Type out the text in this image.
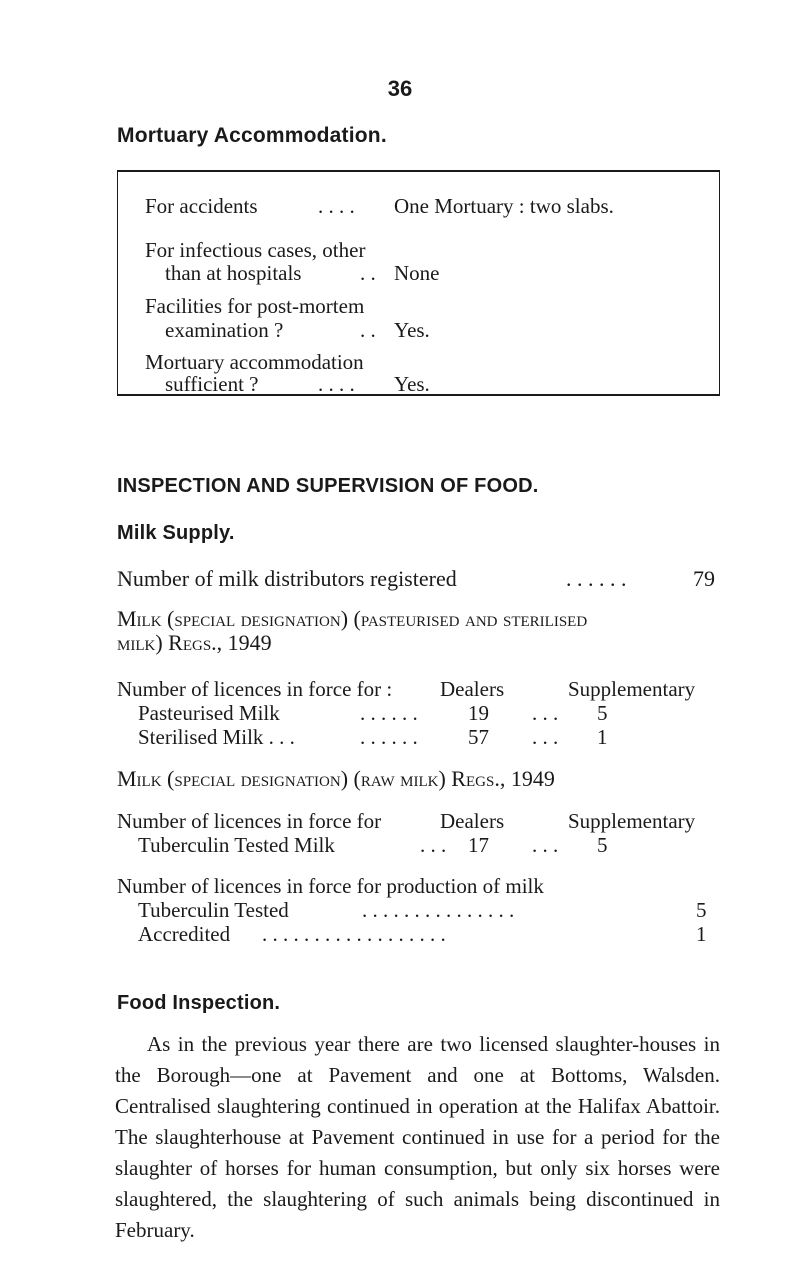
36
Mortuary Accommodation.
For accidents	. . . . One Mortuary : two slabs.
For infectious cases, other
than at hospitals	. . None
Facilities for post-mortem
examination ?	. . Yes.
Mortuary accommodation
sufficient ?	. . . . Yes.
INSPECTION AND SUPERVISION OF FOOD.
Milk Supply.
Number of milk distributors registered	. . . . . .	79
Milk (special designation) (pasteurised and sterilised
milk) Regs., 1949
Number of licences in force for : Dealers	Supplementary
Pasteurised Milk	. . . . . . 19 . . . 5
Sterilised Milk . . .	. . . . . . 57 . . . 1
Milk (special designation) (raw milk) Regs., 1949
Number of licences in force for	Dealers	Supplementary
Tuberculin Tested Milk	. . . 17 . . . 5
Number of licences in force for production of milk
Tuberculin Tested	. . . . . . . . . . . . . . .	5
Accredited . . . . . . . . . . . . . . . . . .	1
Food Inspection.
As in the previous year there are two licensed slaughter-houses in the Borough—one at Pavement and one at Bottoms, Walsden. Centralised slaughtering continued in operation at the Halifax Abattoir. The slaughterhouse at Pavement continued in use for a period for the slaughter of horses for human consumption, but only six horses were slaughtered, the slaughtering of such animals being discontinued in February.
